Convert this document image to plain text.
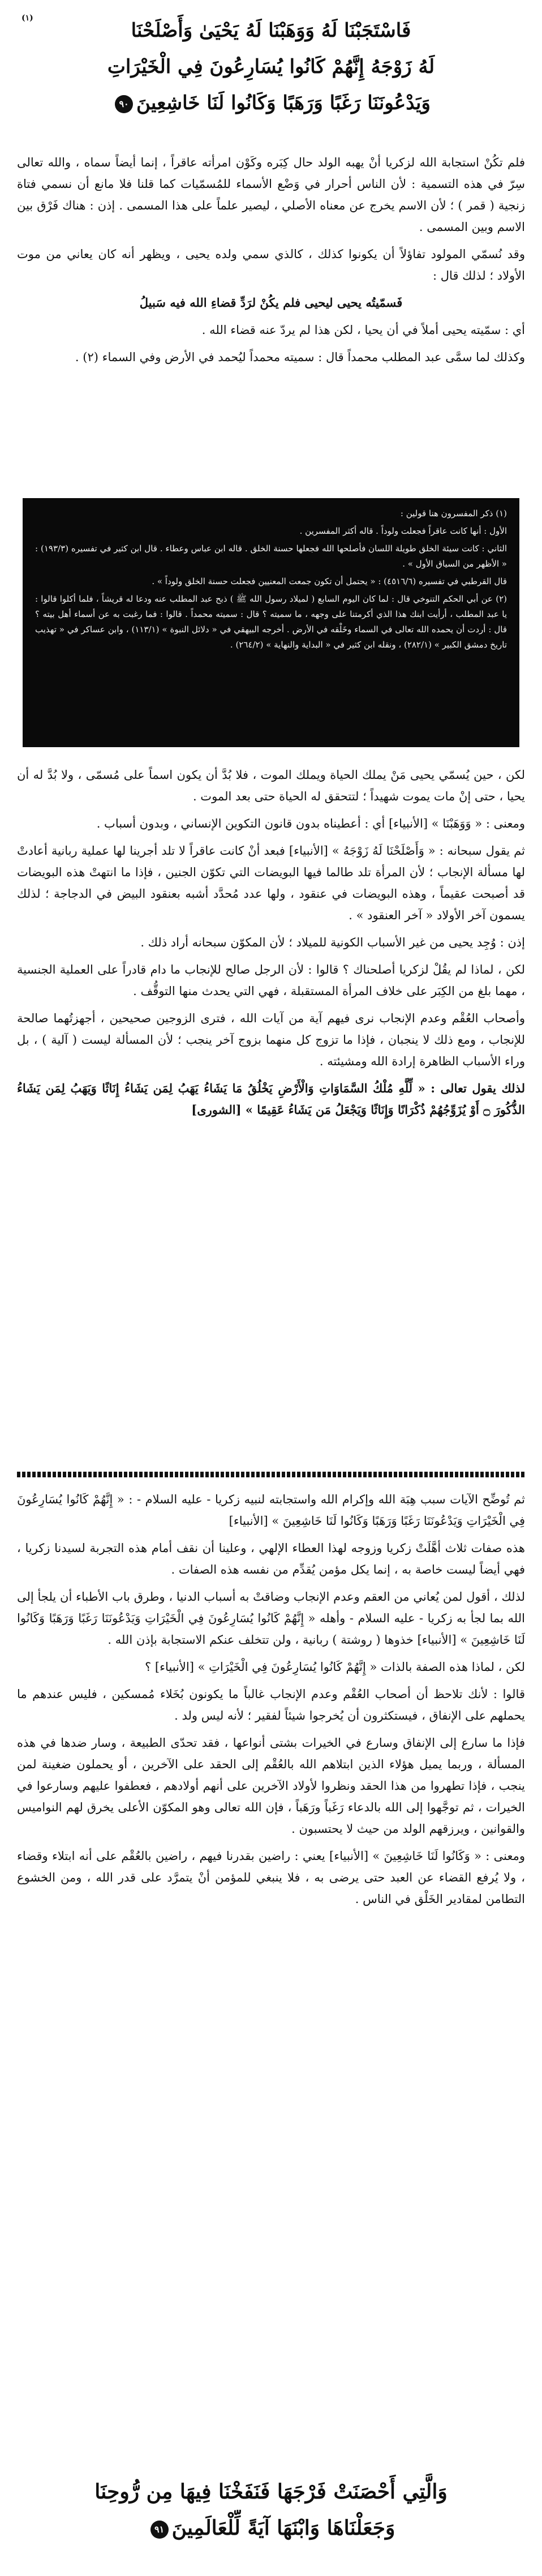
(١)
فَاسْتَجَبْنَا لَهُ وَوَهَبْنَا لَهُ يَحْيَىٰ وَأَصْلَحْنَا
لَهُ زَوْجَهُ إِنَّهُمْ كَانُوا يُسَارِعُونَ فِي الْخَيْرَاتِ
وَيَدْعُونَنَا رَغَبًا وَرَهَبًا وَكَانُوا لَنَا خَاشِعِينَ٩٠

فلم تكُنْ استجابة الله لزكريا أنْ يهبه الولد حال كِبَره وكَوْن امرأته عاقراً ، إنما أيضاً سماه ، والله تعالى سِرّ في هذه التسمية : لأن الناس أحرار في وَضْع الأسماء للمُسمّيات كما قلنا فلا مانع أن نسمي فتاة زنجية ( قمر ) ؛ لأن الاسم يخرج عن معناه الأصلي ، ليصير علماً على هذا المسمى . إذن : هناك فَرْق بين الاسم وبين المسمى .

وقد نُسمّي المولود تفاؤلاً أن يكونوا كذلك ، كالذي سمي ولده يحيى ، ويظهر أنه كان يعاني من موت الأولاد ؛ لذلك قال :

فَسمّيتُه يحيى ليحيى فلم يكُنْ لرَدِّ قضاءِ الله فيه سَبيلُ

أي : سمّيته يحيى أملاً في أن يحيا ، لكن هذا لم يردّ عنه قضاء الله .

وكذلك لما سمَّى عبد المطلب محمداً قال : سميته محمداً ليُحمد في الأرض وفي السماء (٢) .

(١) ذكر المفسرون هنا قولين :

الأول : أنها كانت عاقراً فجعلت ولوداً . قاله أكثر المفسرين .

الثاني : كانت سيئة الخلق طويلة اللسان فأصلحها الله فجعلها حسنة الخلق . قاله ابن عباس وعطاء . قال ابن كثير في تفسيره (١٩٣/٣) : « الأظهر من السياق الأول » .

قال القرطبي في تفسيره (٤٥١٦/٦) : « يحتمل أن تكون جمعت المعنيين فجعلت حسنة الخلق ولوداً » .

(٢) عن أبي الحكم التنوخي قال : لما كان اليوم السابع ( لميلاد رسول الله ﷺ ) ذبح عبد المطلب عنه ودعا له قريشاً ، فلما أكلوا قالوا : يا عبد المطلب ، أرأيت ابنك هذا الذي أكرمتنا على وجهه ، ما سميته ؟ قال : سميته محمداً . قالوا : فما رغبت به عن أسماء أهل بيته ؟ قال : أردت أن يحمده الله تعالى في السماء وخَلْقه في الأرض . أخرجه البيهقي في « دلائل النبوة » (١١٣/١) ، وابن عساكر في « تهذيب تاريخ دمشق الكبير » (٢٨٢/١) ، ونقله ابن كثير في « البداية والنهاية » (٢٦٤/٢) .

لكن ، حين يُسمّي يحيى مَنْ يملك الحياة ويملك الموت ، فلا بُدَّ أن يكون اسماً على مُسمّى ، ولا بُدَّ له أن يحيا ، حتى إنْ مات يموت شهيداً ؛ لتتحقق له الحياة حتى بعد الموت .

ومعنى : « وَوَهَبْنَا » [الأنبياء] أي : أعطيناه بدون قانون التكوين الإنساني ، وبدون أسباب .

ثم يقول سبحانه : « وَأَصْلَحْنَا لَهُ زَوْجَهُ » [الأنبياء] فبعد أنْ كانت عاقراً لا تلد أجرينا لها عملية ربانية أعادتْ لها مسألة الإنجاب ؛ لأن المرأة تلد طالما فيها البويضات التي تكوّن الجنين ، فإذا ما انتهتْ هذه البويضات قد أصبحت عقيماً ، وهذه البويضات في عنقود ، ولها عدد مُحدَّد أشبه بعنقود البيض في الدجاجة ؛ لذلك يسمون آخر الأولاد « آخر العنقود » .

إذن : وُجِد يحيى من غير الأسباب الكونية للميلاد ؛ لأن المكوّن سبحانه أراد ذلك .

لكن ، لماذا لم يقُلْ لزكريا أصلحناك ؟ قالوا : لأن الرجل صالح للإنجاب ما دام قادراً على العملية الجنسية ، مهما بلغ من الكِبَر على خلاف المرأة المستقبلة ، فهي التي يحدث منها التوقُّف .

وأصحاب العُقْم وعدم الإنجاب نرى فيهم آية من آيات الله ، فترى الزوجين صحيحين ، أجهزتُهما صالحة للإنجاب ، ومع ذلك لا ينجبان ، فإذا ما تزوج كل منهما بزوج آخر ينجب ؛ لأن المسألة ليست ( آلية ) ، بل وراء الأسباب الظاهرة إرادة الله ومشيئته .

لذلك يقول تعالى : « لِّلَّهِ مُلْكُ السَّمَاوَاتِ وَالْأَرْضِ يَخْلُقُ مَا يَشَاءُ يَهَبُ لِمَن يَشَاءُ إِنَاثًا وَيَهَبُ لِمَن يَشَاءُ الذُّكُورَ ۝ أَوْ يُزَوِّجُهُمْ ذُكْرَانًا وَإِنَاثًا وَيَجْعَلُ مَن يَشَاءُ عَقِيمًا » [الشورى]

ثم تُوضِّح الآيات سبب هِبَة الله وإكرام الله واستجابته لنبيه زكريا - عليه السلام - : « إِنَّهُمْ كَانُوا يُسَارِعُونَ فِي الْخَيْرَاتِ وَيَدْعُونَنَا رَغَبًا وَرَهَبًا وَكَانُوا لَنَا خَاشِعِينَ » [الأنبياء]

هذه صفات ثلاث أهَّلَتْ زكريا وزوجه لهذا العطاء الإلهي ، وعلينا أن نقف أمام هذه التجربة لسيدنا زكريا ، فهي أيضاً ليست خاصة به ، إنما يكل مؤمن يُقدِّم من نفسه هذه الصفات .

لذلك ، أقول لمن يُعاني من العقم وعدم الإنجاب وضاقتْ به أسباب الدنيا ، وطرق باب الأطباء أن يلجأ إلى الله بما لجأ به زكريا - عليه السلام - وأهله « إِنَّهُمْ كَانُوا يُسَارِعُونَ فِي الْخَيْرَاتِ وَيَدْعُونَنَا رَغَبًا وَرَهَبًا وَكَانُوا لَنَا خَاشِعِينَ » [الأنبياء] خذوها ( روشتة ) ربانية ، ولن تتخلف عنكم الاستجابة بإذن الله .

لكن ، لماذا هذه الصفة بالذات « إِنَّهُمْ كَانُوا يُسَارِعُونَ فِي الْخَيْرَاتِ » [الأنبياء] ؟

قالوا : لأنك تلاحظ أن أصحاب العُقْم وعدم الإنجاب غالباً ما يكونون بُخَلاء مُمسكين ، فليس عندهم ما يحملهم على الإنفاق ، فيستكثرون أن يُخرجوا شيئاً لفقير ؛ لأنه ليس ولد .

فإذا ما سارع إلى الإنفاق وسارع في الخيرات بشتى أنواعها ، فقد تحدّى الطبيعة ، وسار ضدها في هذه المسألة ، وربما يميل هؤلاء الذين ابتلاهم الله بالعُقْم إلى الحقد على الآخرين ، أو يحملون ضغينة لمن ينجب ، فإذا تطهروا من هذا الحقد ونظروا لأولاد الآخرين على أنهم أولادهم ، فعطفوا عليهم وسارعوا في الخيرات ، ثم توجَّهوا إلى الله بالدعاء رَغَباً ورَهَباً ، فإن الله تعالى وهو المكوّن الأعلى يخرق لهم النواميس والقوانين ، ويرزقهم الولد من حيث لا يحتسبون .

ومعنى : « وَكَانُوا لَنَا خَاشِعِينَ » [الأنبياء] يعني : راضين بقدرنا فيهم ، راضين بالعُقْم على أنه ابتلاء وقضاء ، ولا يُرفع القضاء عن العبد حتى يرضى به ، فلا ينبغي للمؤمن أنْ يتمرَّد على قدر الله ، ومن الخشوع التطامن لمقادير الخَلْق في الناس .

وَالَّتِي أَحْصَنَتْ فَرْجَهَا فَنَفَخْنَا فِيهَا مِن رُّوحِنَا
وَجَعَلْنَاهَا وَابْنَهَا آيَةً لِّلْعَالَمِينَ٩١
